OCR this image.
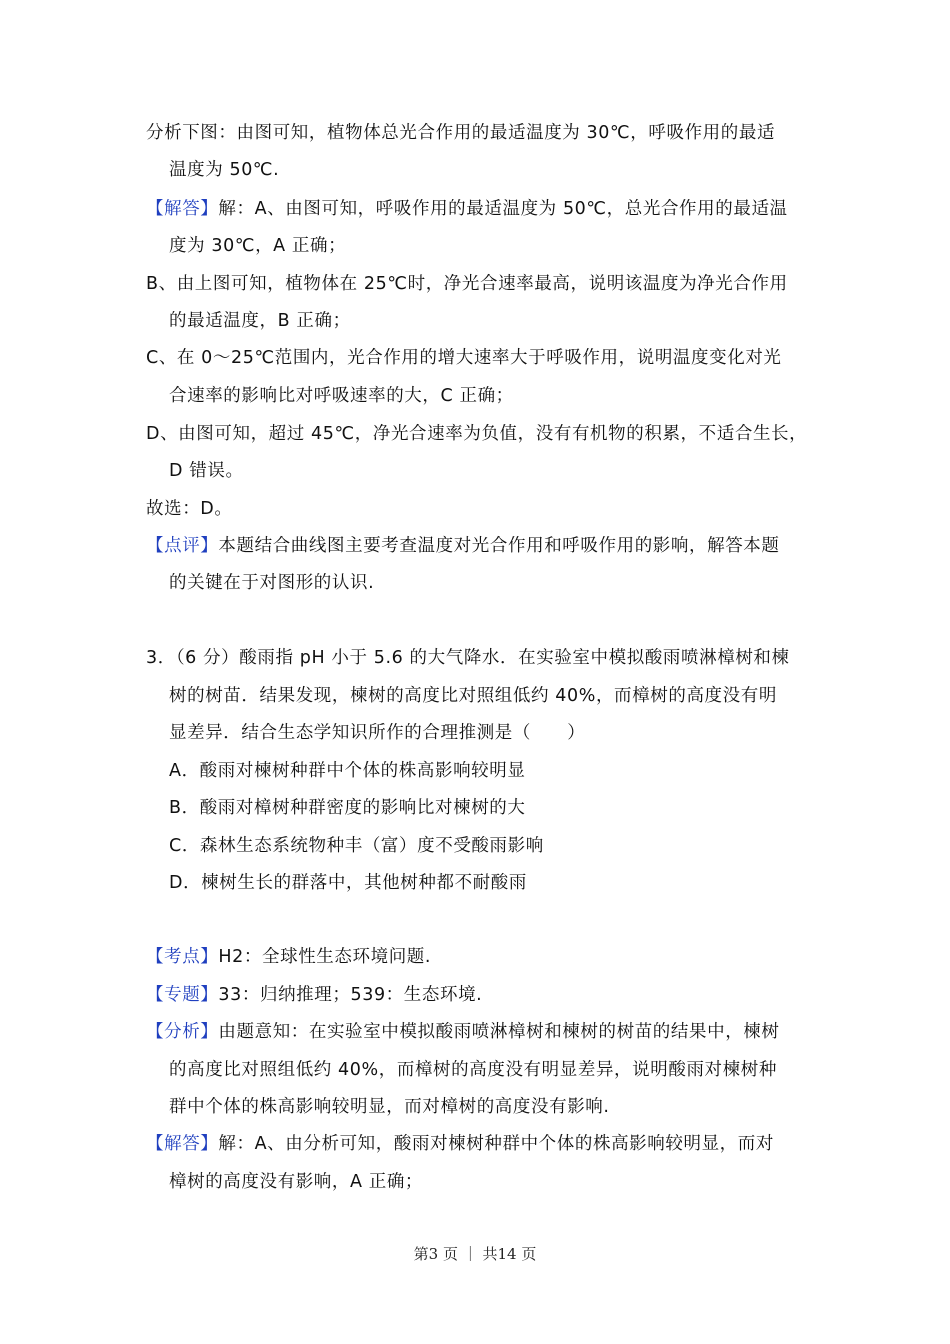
分析下图：由图可知，植物体总光合作用的最适温度为 30℃，呼吸作用的最适
温度为 50℃.
【解答】解：A、由图可知，呼吸作用的最适温度为 50℃，总光合作用的最适温
度为 30℃，A 正确；
B、由上图可知，植物体在 25℃时，净光合速率最高，说明该温度为净光合作用
的最适温度，B 正确；
C、在 0～25℃范围内，光合作用的增大速率大于呼吸作用，说明温度变化对光
合速率的影响比对呼吸速率的大，C 正确；
D、由图可知，超过 45℃，净光合速率为负值，没有有机物的积累，不适合生长，
D 错误。
故选：D。
【点评】本题结合曲线图主要考查温度对光合作用和呼吸作用的影响，解答本题
的关键在于对图形的认识.
3．（6 分）酸雨指 pH 小于 5.6 的大气降水．在实验室中模拟酸雨喷淋樟树和楝
树的树苗．结果发现，楝树的高度比对照组低约 40%，而樟树的高度没有明
显差异．结合生态学知识所作的合理推测是（　　）
A．酸雨对楝树种群中个体的株高影响较明显
B．酸雨对樟树种群密度的影响比对楝树的大
C．森林生态系统物种丰（富）度不受酸雨影响
D．楝树生长的群落中，其他树种都不耐酸雨
【考点】H2：全球性生态环境问题.
【专题】33：归纳推理；539：生态环境.
【分析】由题意知：在实验室中模拟酸雨喷淋樟树和楝树的树苗的结果中，楝树
的高度比对照组低约 40%，而樟树的高度没有明显差异，说明酸雨对楝树种
群中个体的株高影响较明显，而对樟树的高度没有影响.
【解答】解：A、由分析可知，酸雨对楝树种群中个体的株高影响较明显，而对
樟树的高度没有影响，A 正确；
第3 页 ｜ 共14 页
